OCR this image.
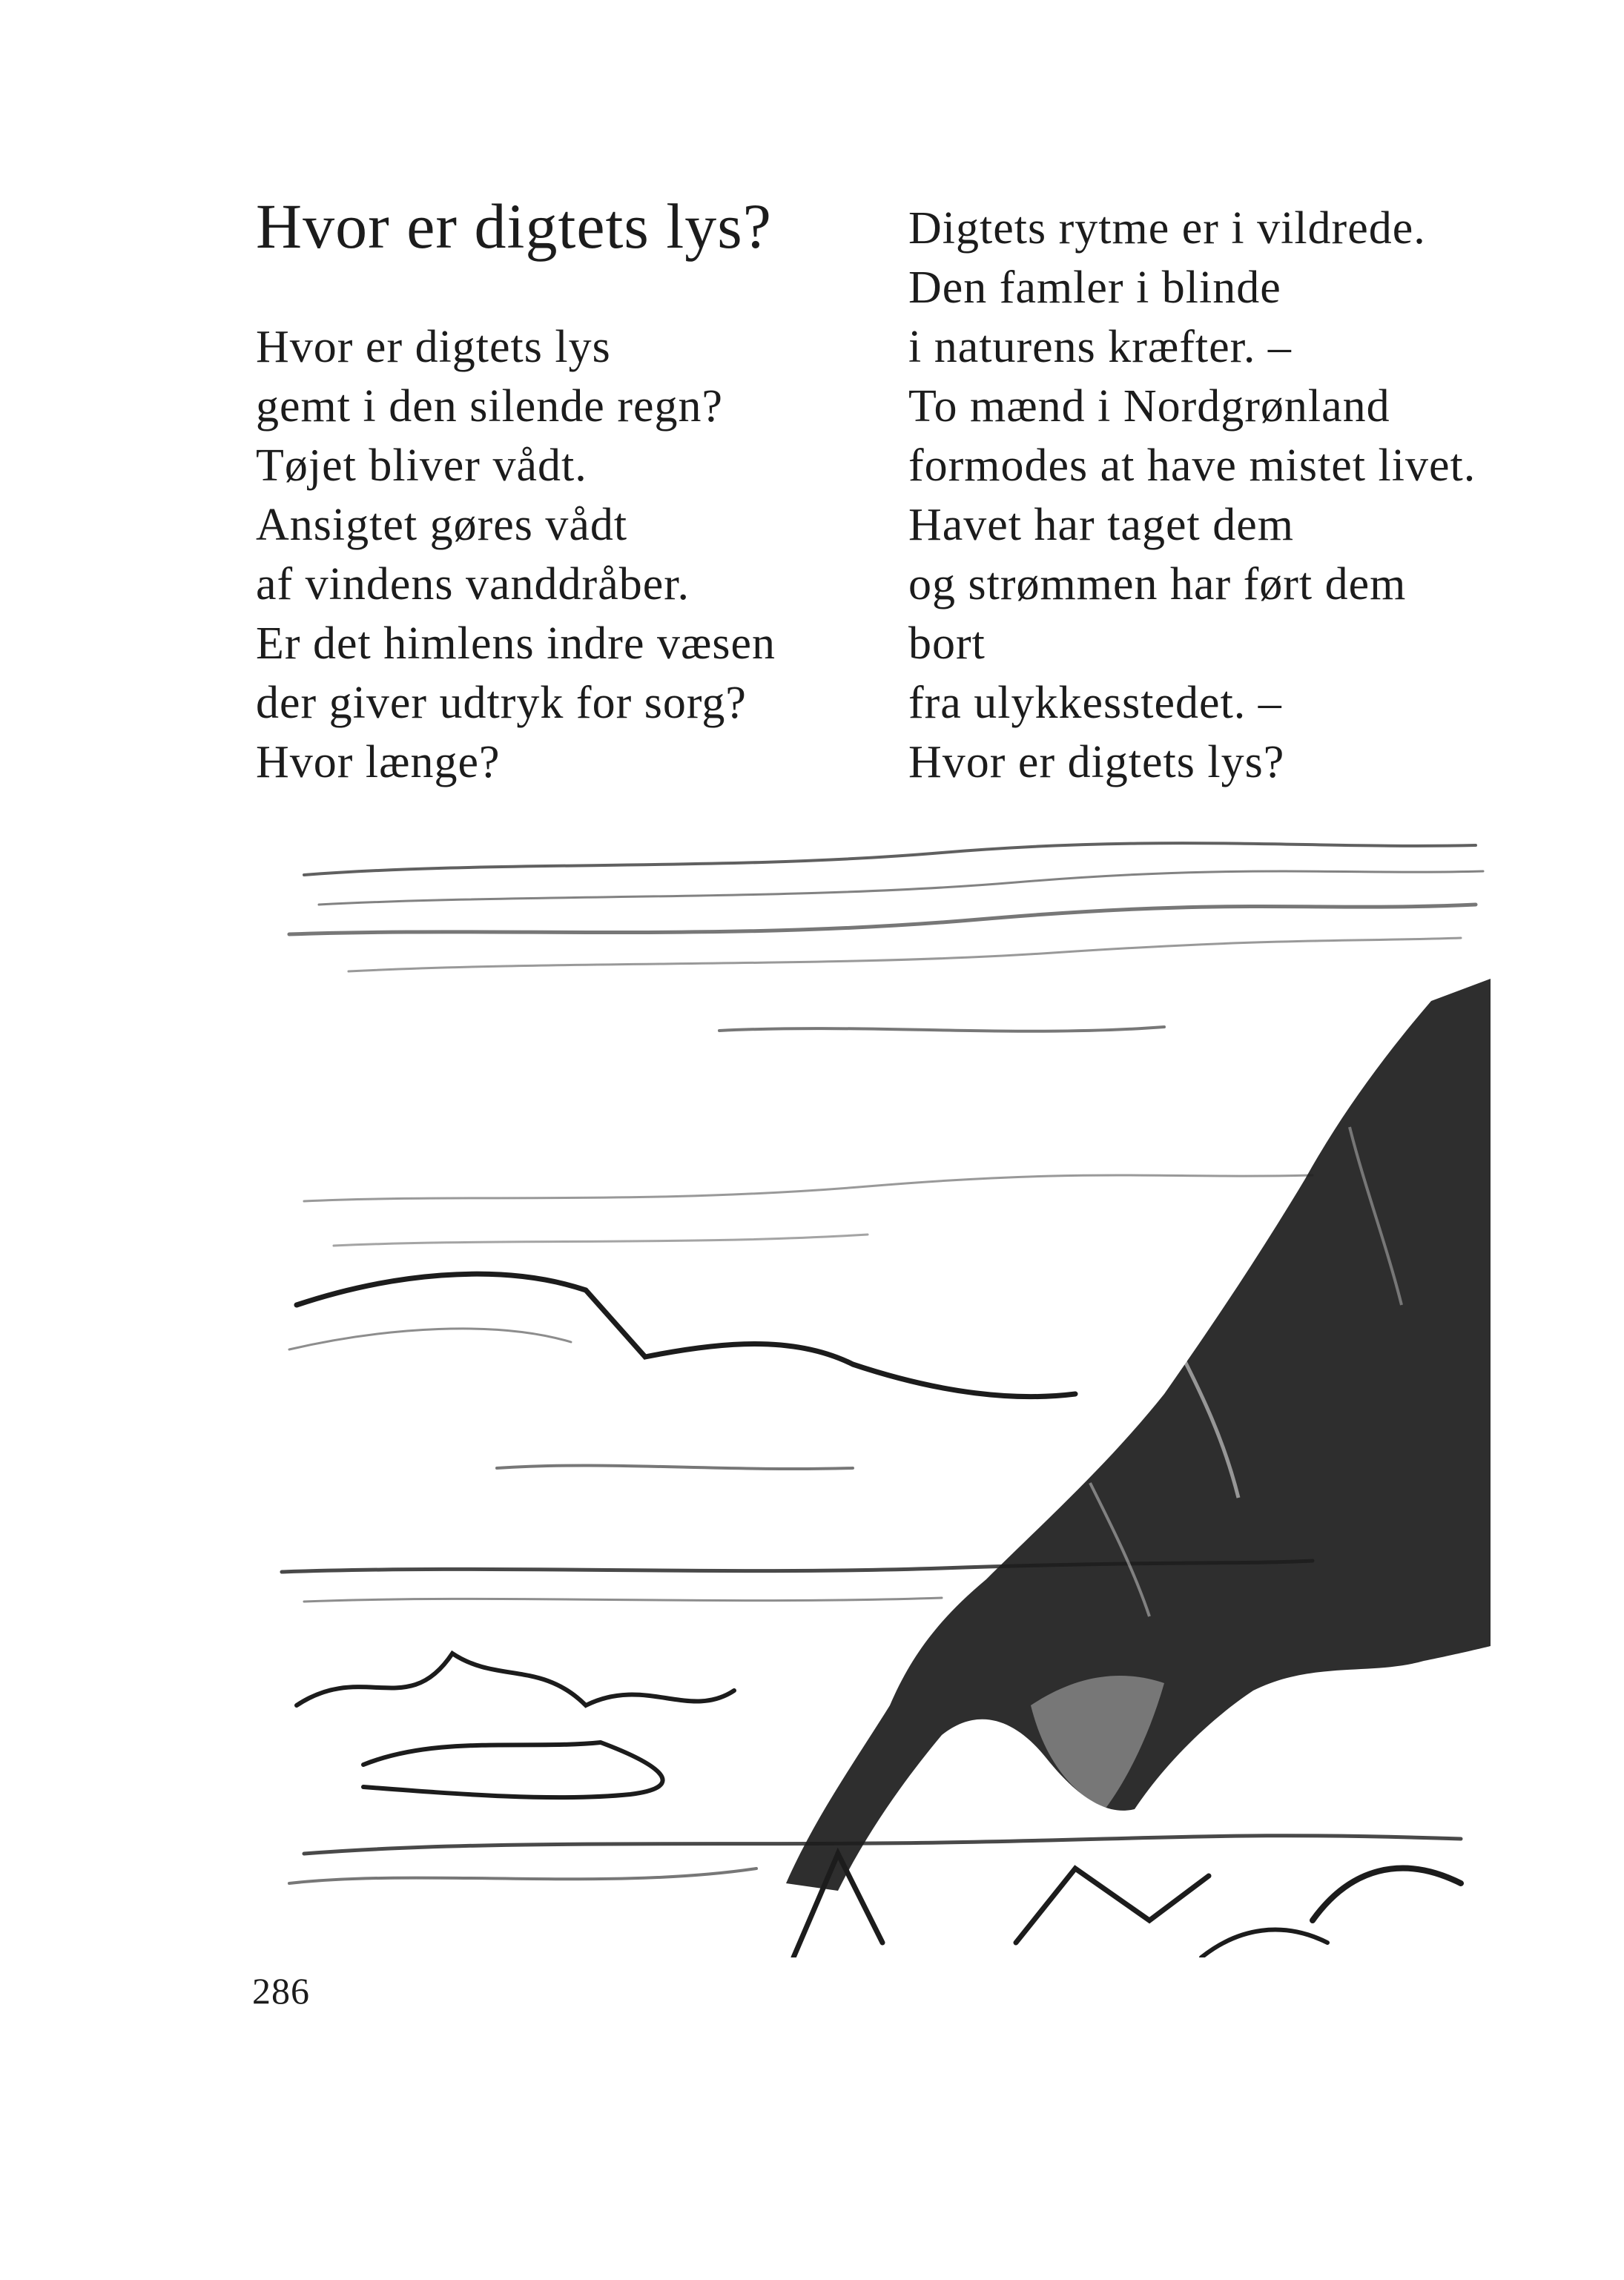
Hvor er digtets lys?
Hvor er digtets lys
gemt i den silende regn?
Tøjet bliver vådt.
Ansigtet gøres vådt
af vindens vanddråber.
Er det himlens indre væsen
der giver udtryk for sorg?
Hvor længe?
Digtets rytme er i vildrede.
Den famler i blinde
i naturens kræfter. –
To mænd i Nordgrønland
formodes at have mistet livet.
Havet har taget dem
og strømmen har ført dem
bort
fra ulykkesstedet. –
Hvor er digtets lys?
286
